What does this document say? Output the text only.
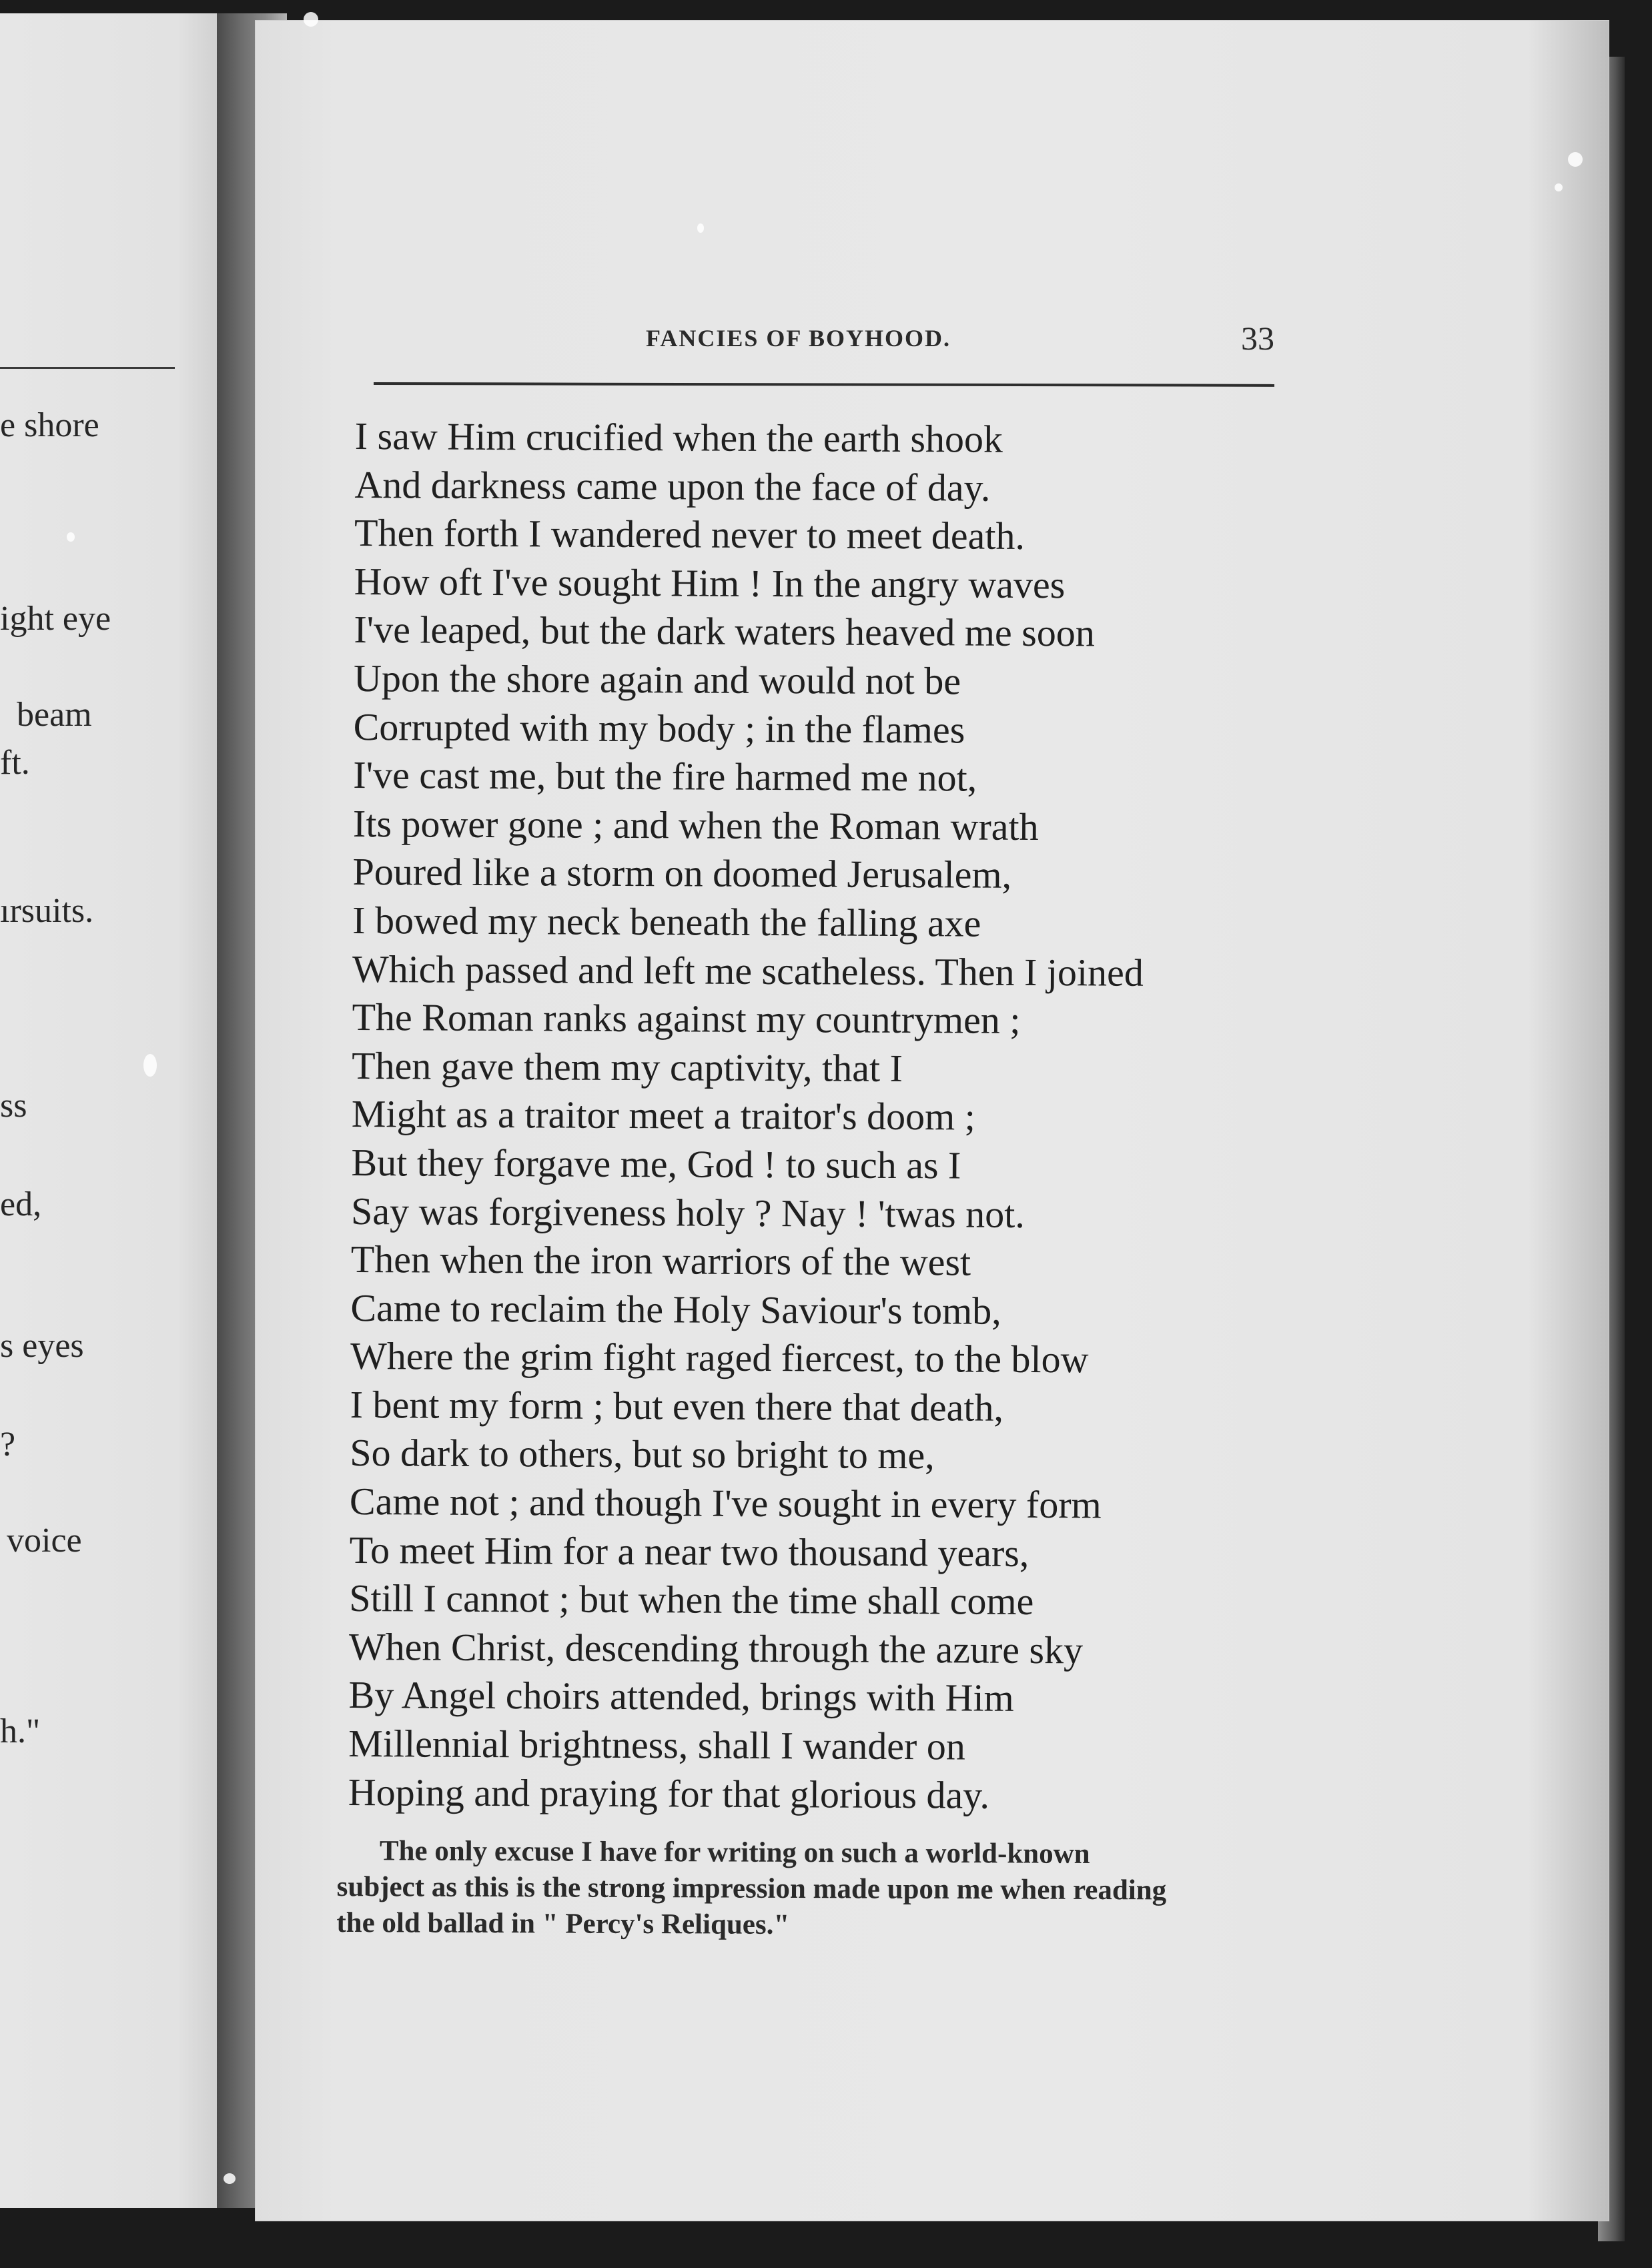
e shore
ight eye
beam
ft.
ırsuits.
ss
ed,
s eyes
?
voice
h."
FANCIES OF BOYHOOD.	33
I saw Him crucified when the earth shook
And darkness came upon the face of day.
Then forth I wandered never to meet death.
How oft I've sought Him ! In the angry waves
I've leaped, but the dark waters heaved me soon
Upon the shore again and would not be
Corrupted with my body ; in the flames
I've cast me, but the fire harmed me not,
Its power gone ; and when the Roman wrath
Poured like a storm on doomed Jerusalem,
I bowed my neck beneath the falling axe
Which passed and left me scatheless. Then I joined
The Roman ranks against my countrymen ;
Then gave them my captivity, that I
Might as a traitor meet a traitor's doom ;
But they forgave me, God ! to such as I
Say was forgiveness holy ? Nay ! 'twas not.
Then when the iron warriors of the west
Came to reclaim the Holy Saviour's tomb,
Where the grim fight raged fiercest, to the blow
I bent my form ; but even there that death,
So dark to others, but so bright to me,
Came not ; and though I've sought in every form
To meet Him for a near two thousand years,
Still I cannot ; but when the time shall come
When Christ, descending through the azure sky
By Angel choirs attended, brings with Him
Millennial brightness, shall I wander on
Hoping and praying for that glorious day.
The only excuse I have for writing on such a world-known
subject as this is the strong impression made upon me when reading
the old ballad in " Percy's Reliques."
